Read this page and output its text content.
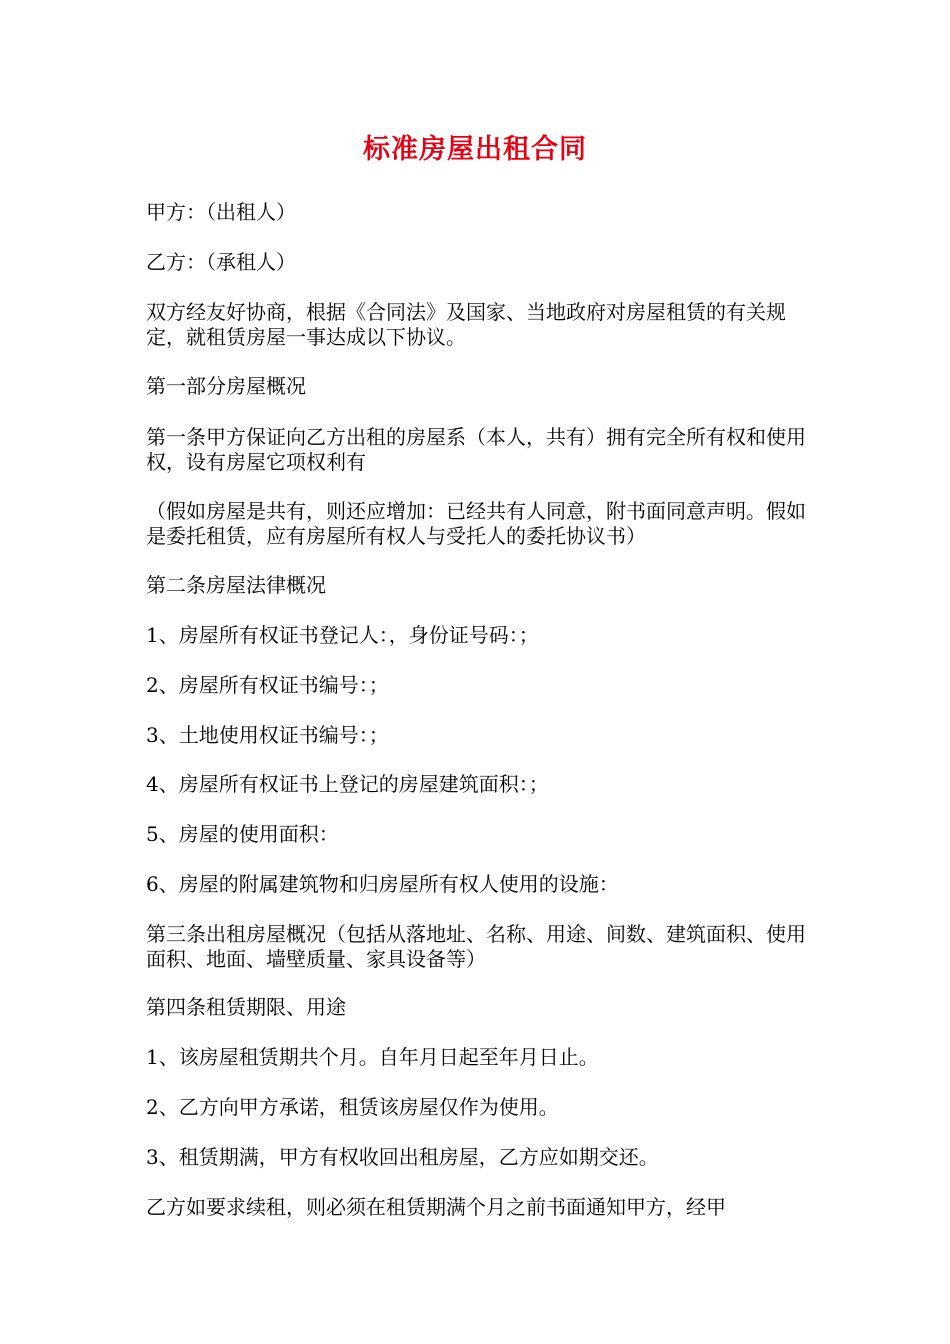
标准房屋出租合同

甲方：（出租人）

乙方：（承租人）

双方经友好协商，根据《合同法》及国家、当地政府对房屋租赁的有关规定，就租赁房屋一事达成以下协议。

第一部分房屋概况

第一条甲方保证向乙方出租的房屋系（本人，共有）拥有完全所有权和使用权，设有房屋它项权利有

（假如房屋是共有，则还应增加：已经共有人同意，附书面同意声明。假如是委托租赁，应有房屋所有权人与受托人的委托协议书）

第二条房屋法律概况

1、房屋所有权证书登记人：，身份证号码：；

2、房屋所有权证书编号：；

3、土地使用权证书编号：；

4、房屋所有权证书上登记的房屋建筑面积：；

5、房屋的使用面积：

6、房屋的附属建筑物和归房屋所有权人使用的设施：

第三条出租房屋概况（包括从落地址、名称、用途、间数、建筑面积、使用面积、地面、墙壁质量、家具设备等）

第四条租赁期限、用途

1、该房屋租赁期共个月。自年月日起至年月日止。

2、乙方向甲方承诺，租赁该房屋仅作为使用。

3、租赁期满，甲方有权收回出租房屋，乙方应如期交还。

乙方如要求续租，则必须在租赁期满个月之前书面通知甲方，经甲
